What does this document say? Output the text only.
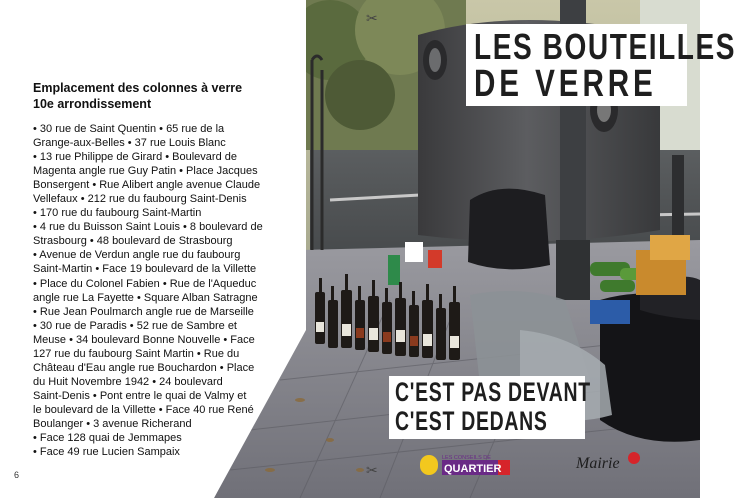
Emplacement des colonnes à verre
10e arrondissement

• 30 rue de Saint Quentin • 65 rue de la
Grange-aux-Belles • 37 rue Louis Blanc
• 13 rue Philippe de Girard • Boulevard de
Magenta angle rue Guy Patin • Place Jacques
Bonsergent • Rue Alibert angle avenue Claude
Vellefaux • 212 rue du faubourg Saint-Denis
• 170 rue du faubourg Saint-Martin
• 4 rue du Buisson Saint Louis • 8 boulevard de
Strasbourg • 48 boulevard de Strasbourg
• Avenue de Verdun angle rue du faubourg
Saint-Martin • Face 19 boulevard de la Villette
• Place du Colonel Fabien • Rue de l'Aqueduc
angle rue La Fayette • Square Alban Satragne
• Rue Jean Poulmarch angle rue de Marseille
• 30 rue de Paradis • 52 rue de Sambre et
Meuse • 34 boulevard Bonne Nouvelle • Face
127 rue du faubourg Saint Martin • Rue du
Château d'Eau angle rue Bouchardon • Place
du Huit Novembre 1942 • 24 boulevard
Saint-Denis • Pont entre le quai de Valmy et
le boulevard de la Villette • Face 40 rue René
Boulanger • 3 avenue Richerand
• Face 128 quai de Jemmapes
• Face 49 rue Lucien Sampaix

6
✂
✂
LES BOUTEILLES
DE VERRE
C'EST PAS DEVANT
C'EST DEDANS
LES CONSEILS DE
QUARTIER	Mairie
